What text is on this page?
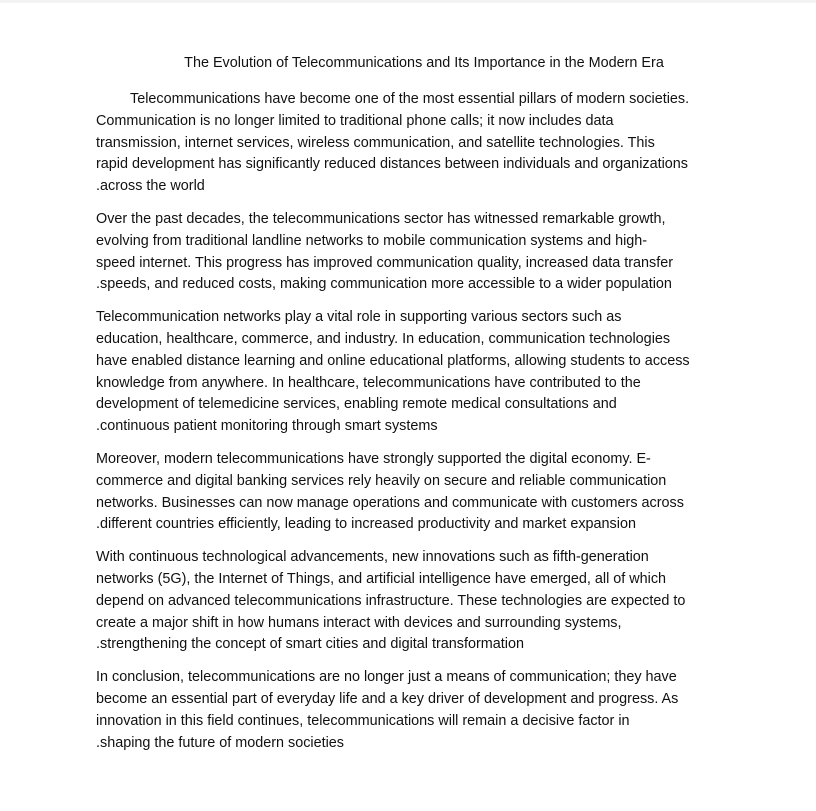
The Evolution of Telecommunications and Its Importance in the Modern Era

Telecommunications have become one of the most essential pillars of modern societies.
Communication is no longer limited to traditional phone calls; it now includes data
transmission, internet services, wireless communication, and satellite technologies. This
rapid development has significantly reduced distances between individuals and organizations
.across the world

Over the past decades, the telecommunications sector has witnessed remarkable growth,
evolving from traditional landline networks to mobile communication systems and high-
speed internet. This progress has improved communication quality, increased data transfer
.speeds, and reduced costs, making communication more accessible to a wider population

Telecommunication networks play a vital role in supporting various sectors such as
education, healthcare, commerce, and industry. In education, communication technologies
have enabled distance learning and online educational platforms, allowing students to access
knowledge from anywhere. In healthcare, telecommunications have contributed to the
development of telemedicine services, enabling remote medical consultations and
.continuous patient monitoring through smart systems

Moreover, modern telecommunications have strongly supported the digital economy. E-
commerce and digital banking services rely heavily on secure and reliable communication
networks. Businesses can now manage operations and communicate with customers across
.different countries efficiently, leading to increased productivity and market expansion

With continuous technological advancements, new innovations such as fifth-generation
networks (5G), the Internet of Things, and artificial intelligence have emerged, all of which
depend on advanced telecommunications infrastructure. These technologies are expected to
create a major shift in how humans interact with devices and surrounding systems,
.strengthening the concept of smart cities and digital transformation

In conclusion, telecommunications are no longer just a means of communication; they have
become an essential part of everyday life and a key driver of development and progress. As
innovation in this field continues, telecommunications will remain a decisive factor in
.shaping the future of modern societies
